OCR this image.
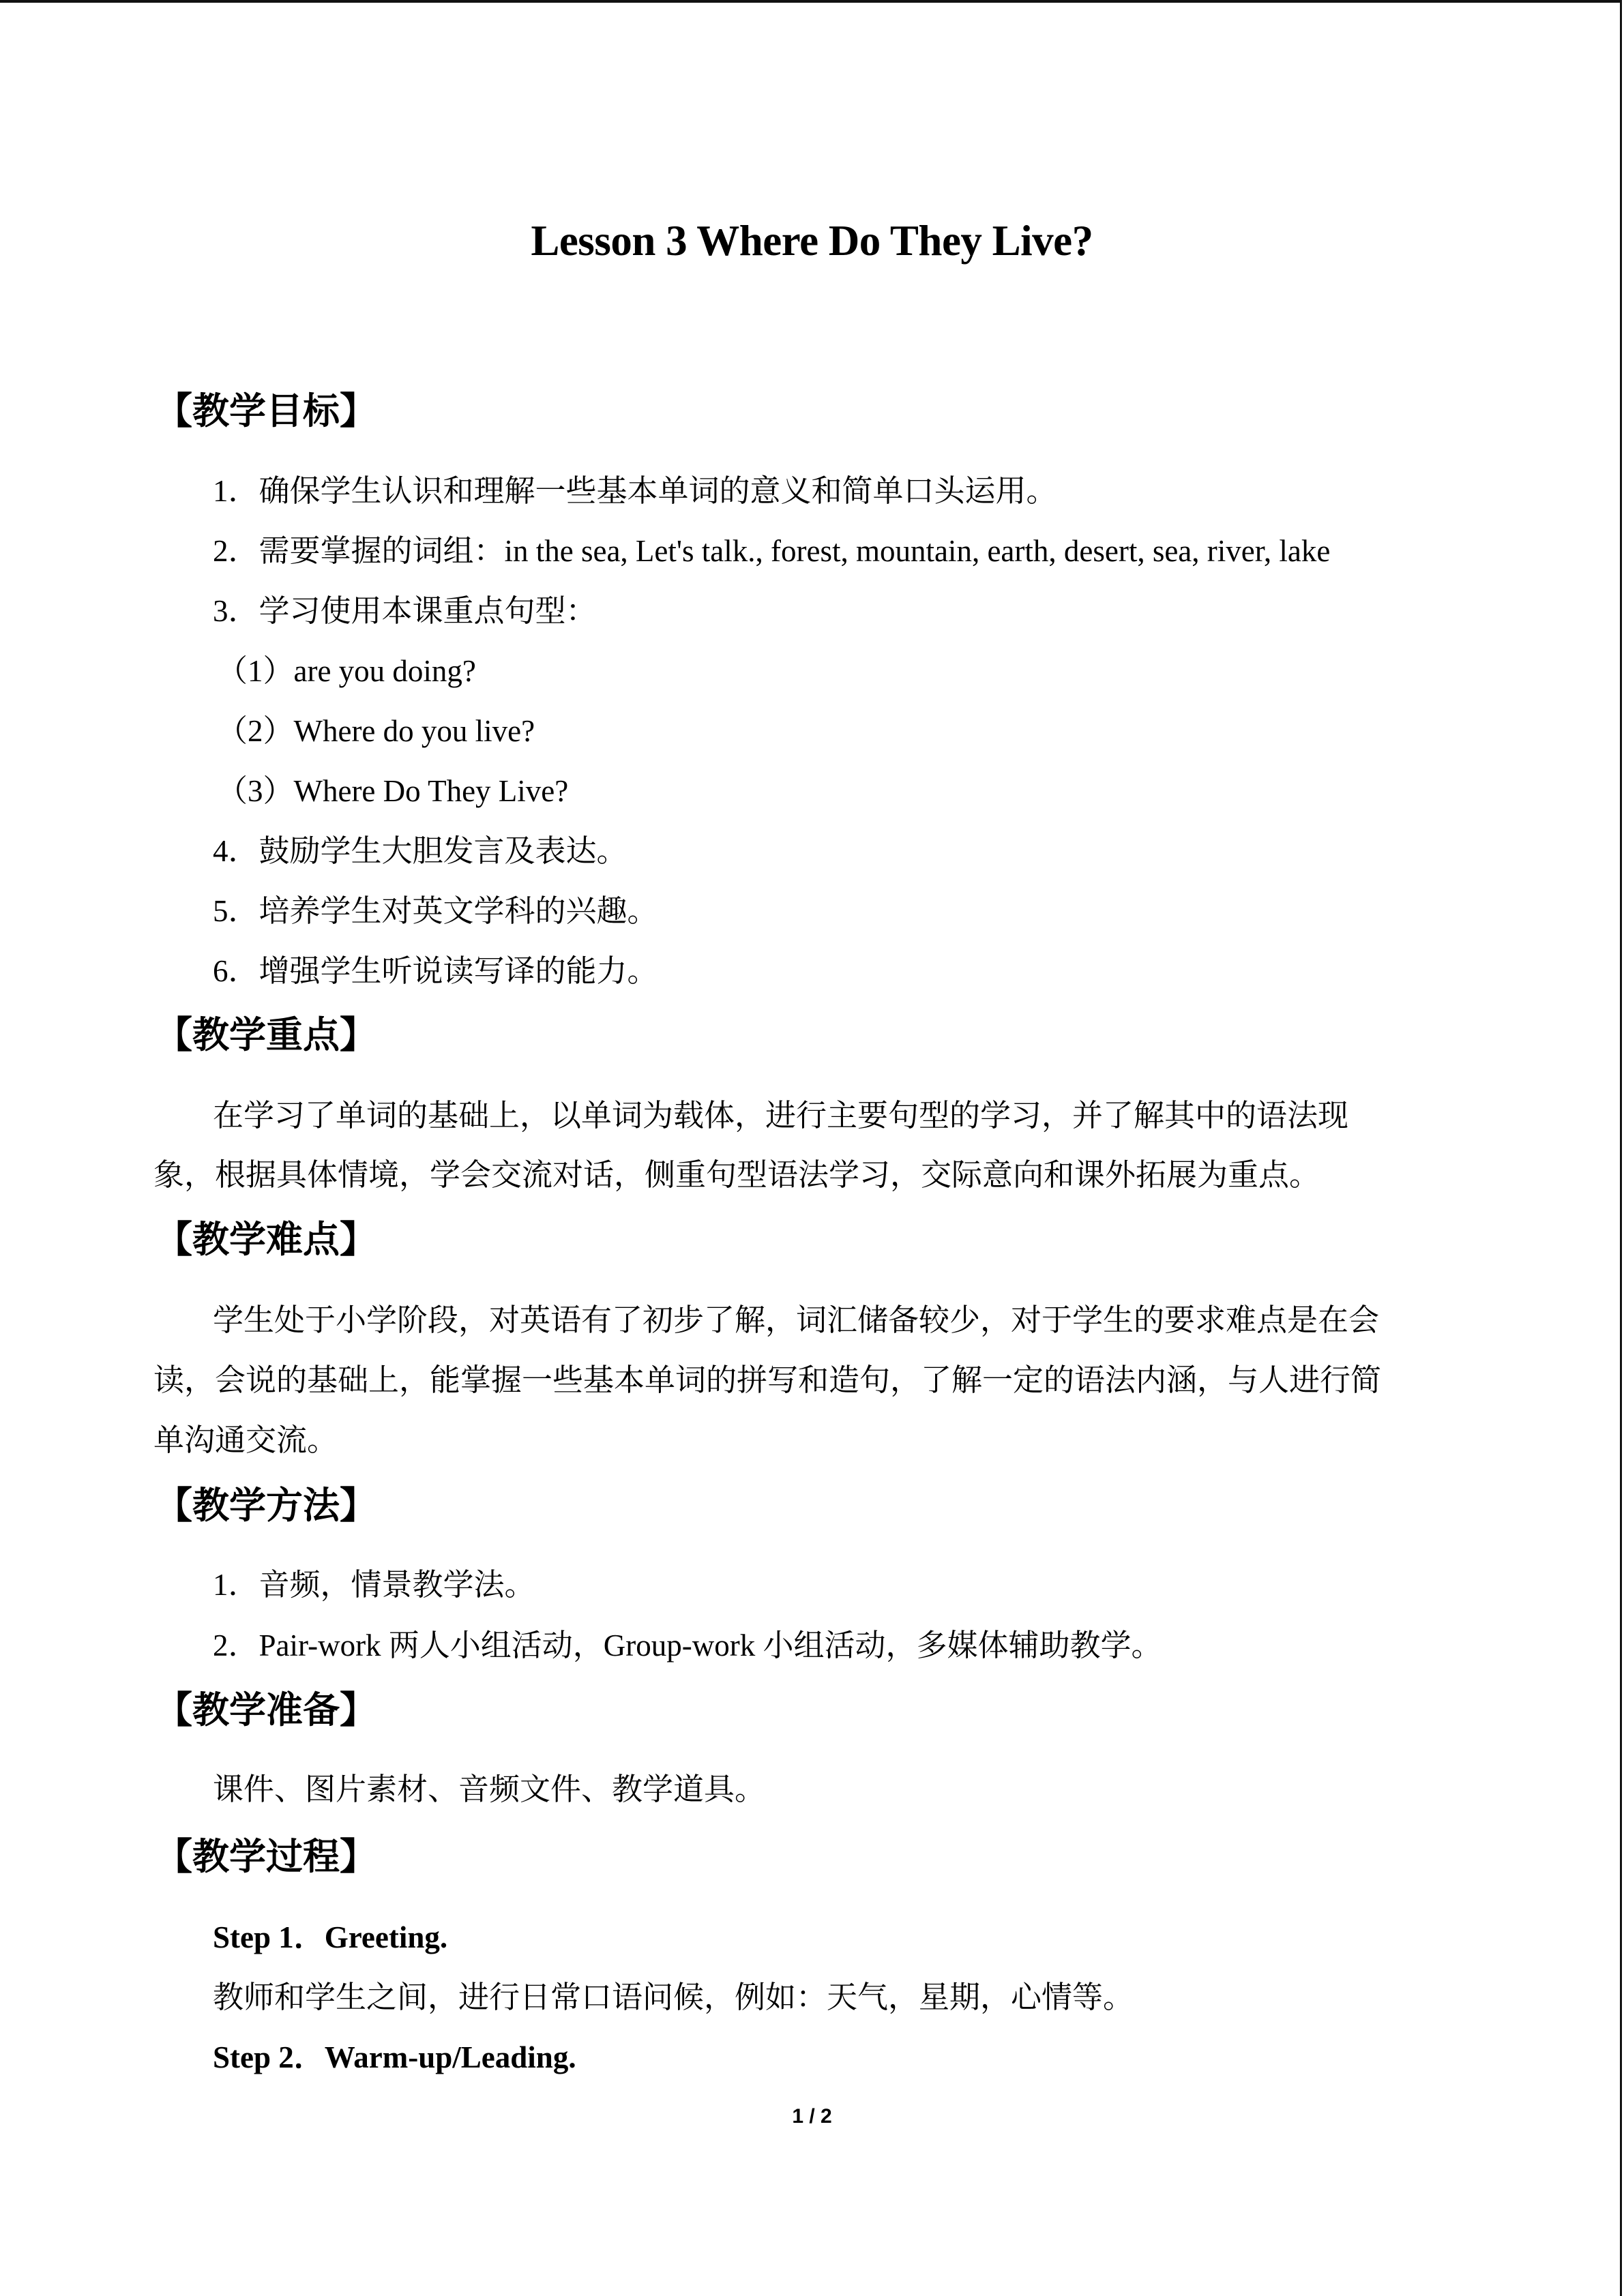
Lesson 3 Where Do They Live?
【教学目标】
1．确保学生认识和理解一些基本单词的意义和简单口头运用。
2．需要掌握的词组：in the sea, Let's talk., forest, mountain, earth, desert, sea, river, lake
3．学习使用本课重点句型：
（1）are you doing?
（2）Where do you live?
（3）Where Do They Live?
4．鼓励学生大胆发言及表达。
5．培养学生对英文学科的兴趣。
6．增强学生听说读写译的能力。
【教学重点】
在学习了单词的基础上，以单词为载体，进行主要句型的学习，并了解其中的语法现
象，根据具体情境，学会交流对话，侧重句型语法学习，交际意向和课外拓展为重点。
【教学难点】
学生处于小学阶段，对英语有了初步了解，词汇储备较少，对于学生的要求难点是在会
读，会说的基础上，能掌握一些基本单词的拼写和造句，了解一定的语法内涵，与人进行简
单沟通交流。
【教学方法】
1．音频，情景教学法。
2．Pair-work 两人小组活动，Group-work 小组活动，多媒体辅助教学。
【教学准备】
课件、图片素材、音频文件、教学道具。
【教学过程】
Step 1．Greeting.
教师和学生之间，进行日常口语问候，例如：天气，星期，心情等。
Step 2．Warm-up/Leading.
1 / 2
